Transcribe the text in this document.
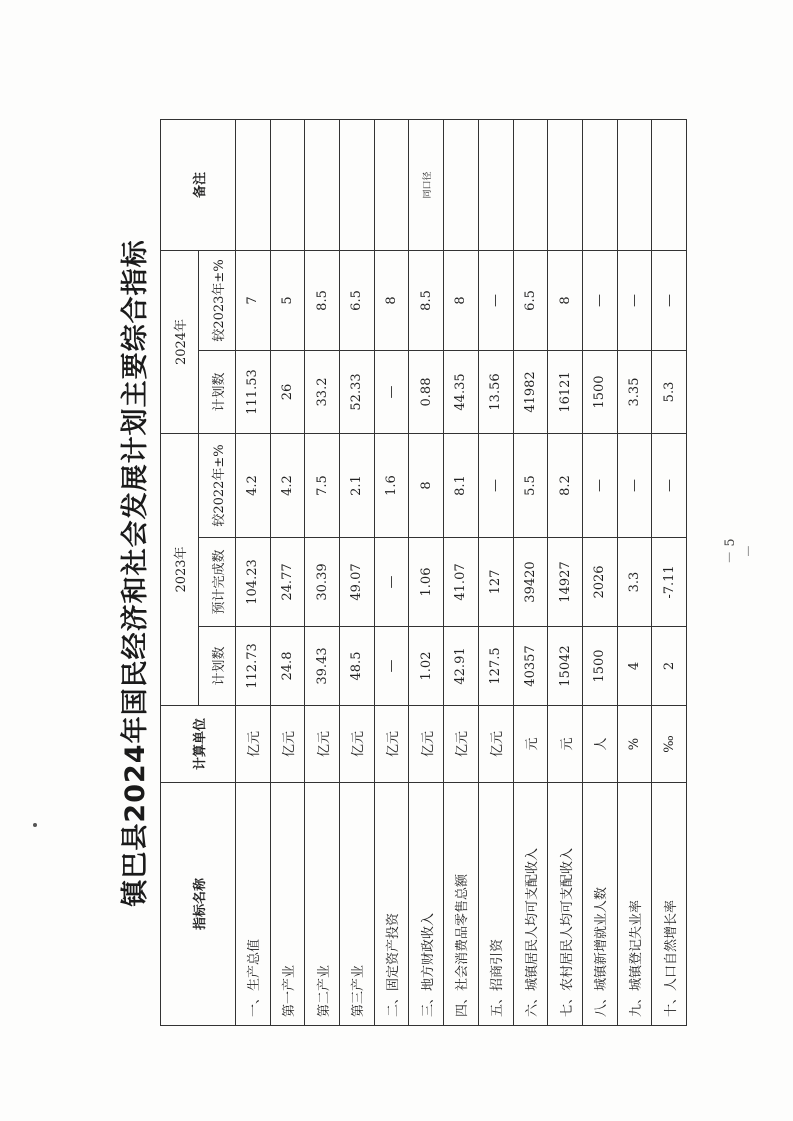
镇巴县2024年国民经济和社会发展计划主要综合指标	指标名称	计算单位	2023年			2024年		备注
		计划数	预计完成数	较2022年±%	计划数	较2023年±%	
一、生产总值	亿元	112.73	104.23	4.2	111.53	7	
第一产业	亿元	24.8	24.77	4.2	26	5	
第二产业	亿元	39.43	30.39	7.5	33.2	8.5	
第三产业	亿元	48.5	49.07	2.1	52.33	6.5	
二、固定资产投资	亿元	—	—	1.6	—	8	
三、地方财政收入	亿元	1.02	1.06	8	0.88	8.5	同口径
四、社会消费品零售总额	亿元	42.91	41.07	8.1	44.35	8	
五、招商引资	亿元	127.5	127	—	13.56	—	
六、城镇居民人均可支配收入	元	40357	39420	5.5	41982	6.5	
七、农村居民人均可支配收入	元	15042	14927	8.2	16121	8	
八、城镇新增就业人数	人	1500	2026	—	1500	—	
九、城镇登记失业率	%	4	3.3	—	3.35	—	
十、人口自然增长率	‰	2	-7.11	—	5.3	—	
－ 5 －
